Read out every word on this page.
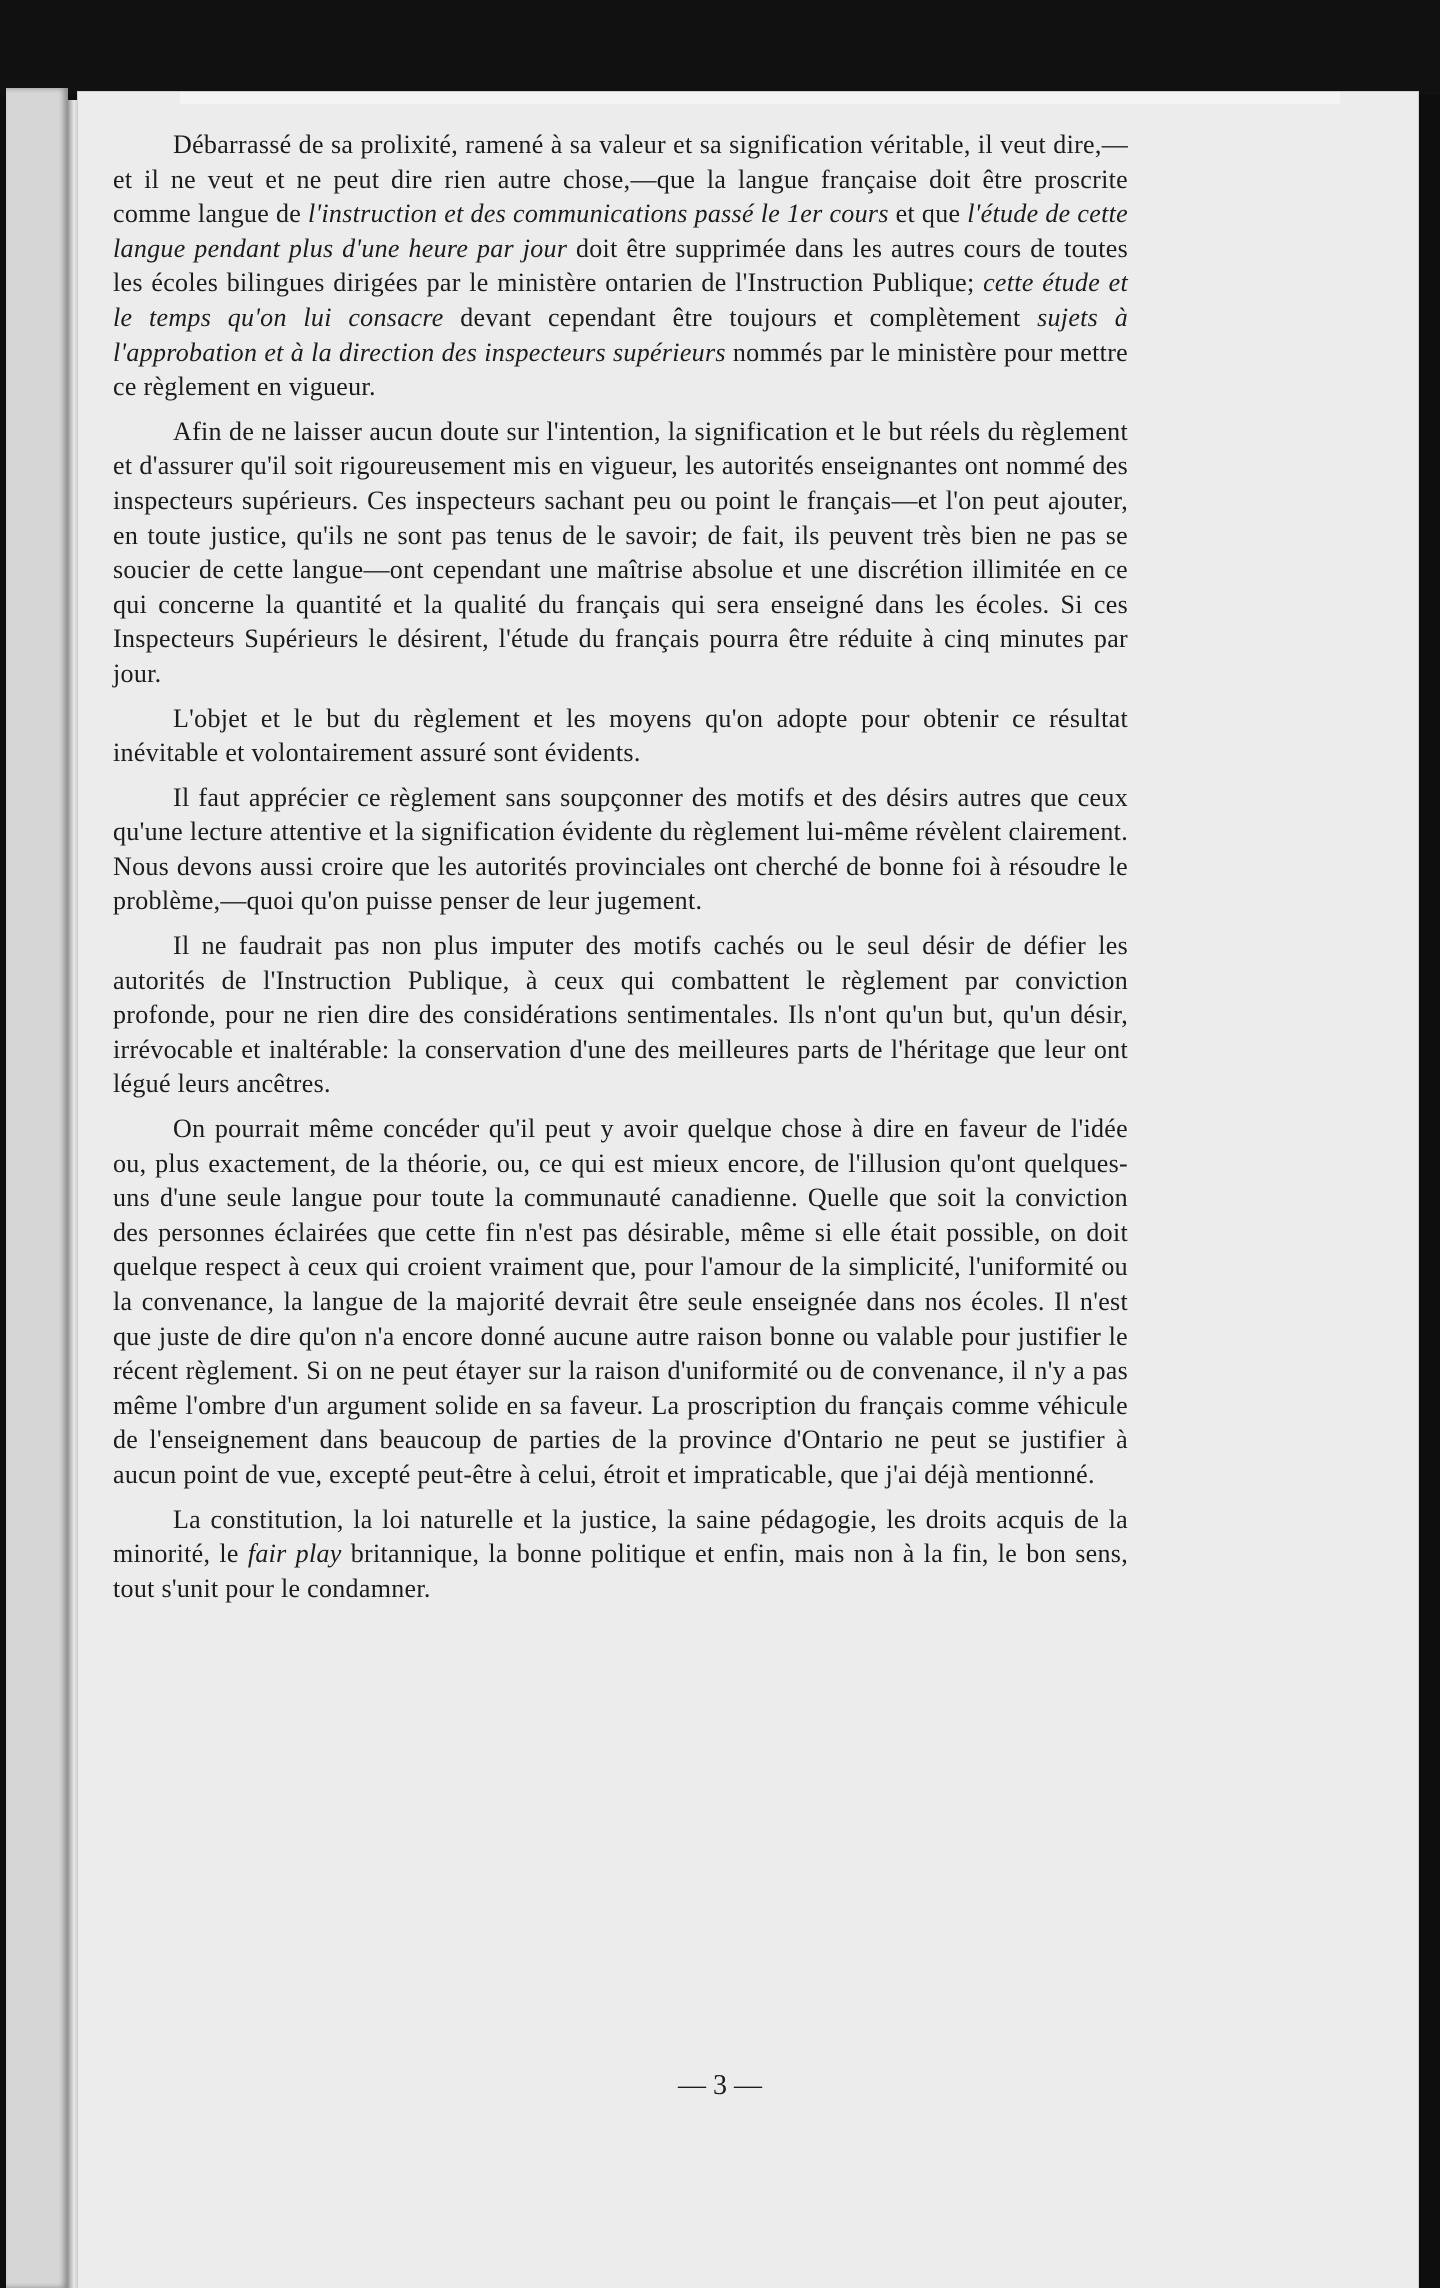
Débarrassé de sa prolixité, ramené à sa valeur et sa signification véritable, il veut dire,—et il ne veut et ne peut dire rien autre chose,—que la langue française doit être proscrite comme langue de l'instruction et des communications passé le 1er cours et que l'étude de cette langue pendant plus d'une heure par jour doit être supprimée dans les autres cours de toutes les écoles bilingues dirigées par le ministère ontarien de l'Instruction Publique; cette étude et le temps qu'on lui consacre devant cependant être toujours et complètement sujets à l'approbation et à la direction des inspecteurs supérieurs nommés par le ministère pour mettre ce règlement en vigueur.

Afin de ne laisser aucun doute sur l'intention, la signification et le but réels du règlement et d'assurer qu'il soit rigoureusement mis en vigueur, les autorités enseignantes ont nommé des inspecteurs supérieurs. Ces inspecteurs sachant peu ou point le français—et l'on peut ajouter, en toute justice, qu'ils ne sont pas tenus de le savoir; de fait, ils peuvent très bien ne pas se soucier de cette langue—ont cependant une maîtrise absolue et une discrétion illimitée en ce qui concerne la quantité et la qualité du français qui sera enseigné dans les écoles. Si ces Inspecteurs Supérieurs le désirent, l'étude du français pourra être réduite à cinq minutes par jour.

L'objet et le but du règlement et les moyens qu'on adopte pour obtenir ce résultat inévitable et volontairement assuré sont évidents.

Il faut apprécier ce règlement sans soupçonner des motifs et des désirs autres que ceux qu'une lecture attentive et la signification évidente du règlement lui-même révèlent clairement. Nous devons aussi croire que les autorités provinciales ont cherché de bonne foi à résoudre le problème,—quoi qu'on puisse penser de leur jugement.

Il ne faudrait pas non plus imputer des motifs cachés ou le seul désir de défier les autorités de l'Instruction Publique, à ceux qui combattent le règlement par conviction profonde, pour ne rien dire des considérations sentimentales. Ils n'ont qu'un but, qu'un désir, irrévocable et inaltérable: la conservation d'une des meilleures parts de l'héritage que leur ont légué leurs ancêtres.

On pourrait même concéder qu'il peut y avoir quelque chose à dire en faveur de l'idée ou, plus exactement, de la théorie, ou, ce qui est mieux encore, de l'illusion qu'ont quelques-uns d'une seule langue pour toute la communauté canadienne. Quelle que soit la conviction des personnes éclairées que cette fin n'est pas désirable, même si elle était possible, on doit quelque respect à ceux qui croient vraiment que, pour l'amour de la simplicité, l'uniformité ou la convenance, la langue de la majorité devrait être seule enseignée dans nos écoles. Il n'est que juste de dire qu'on n'a encore donné aucune autre raison bonne ou valable pour justifier le récent règlement. Si on ne peut étayer sur la raison d'uniformité ou de convenance, il n'y a pas même l'ombre d'un argument solide en sa faveur. La proscription du français comme véhicule de l'enseignement dans beaucoup de parties de la province d'Ontario ne peut se justifier à aucun point de vue, excepté peut-être à celui, étroit et impraticable, que j'ai déjà mentionné.

La constitution, la loi naturelle et la justice, la saine pédagogie, les droits acquis de la minorité, le fair play britannique, la bonne politique et enfin, mais non à la fin, le bon sens, tout s'unit pour le condamner.

— 3 —
